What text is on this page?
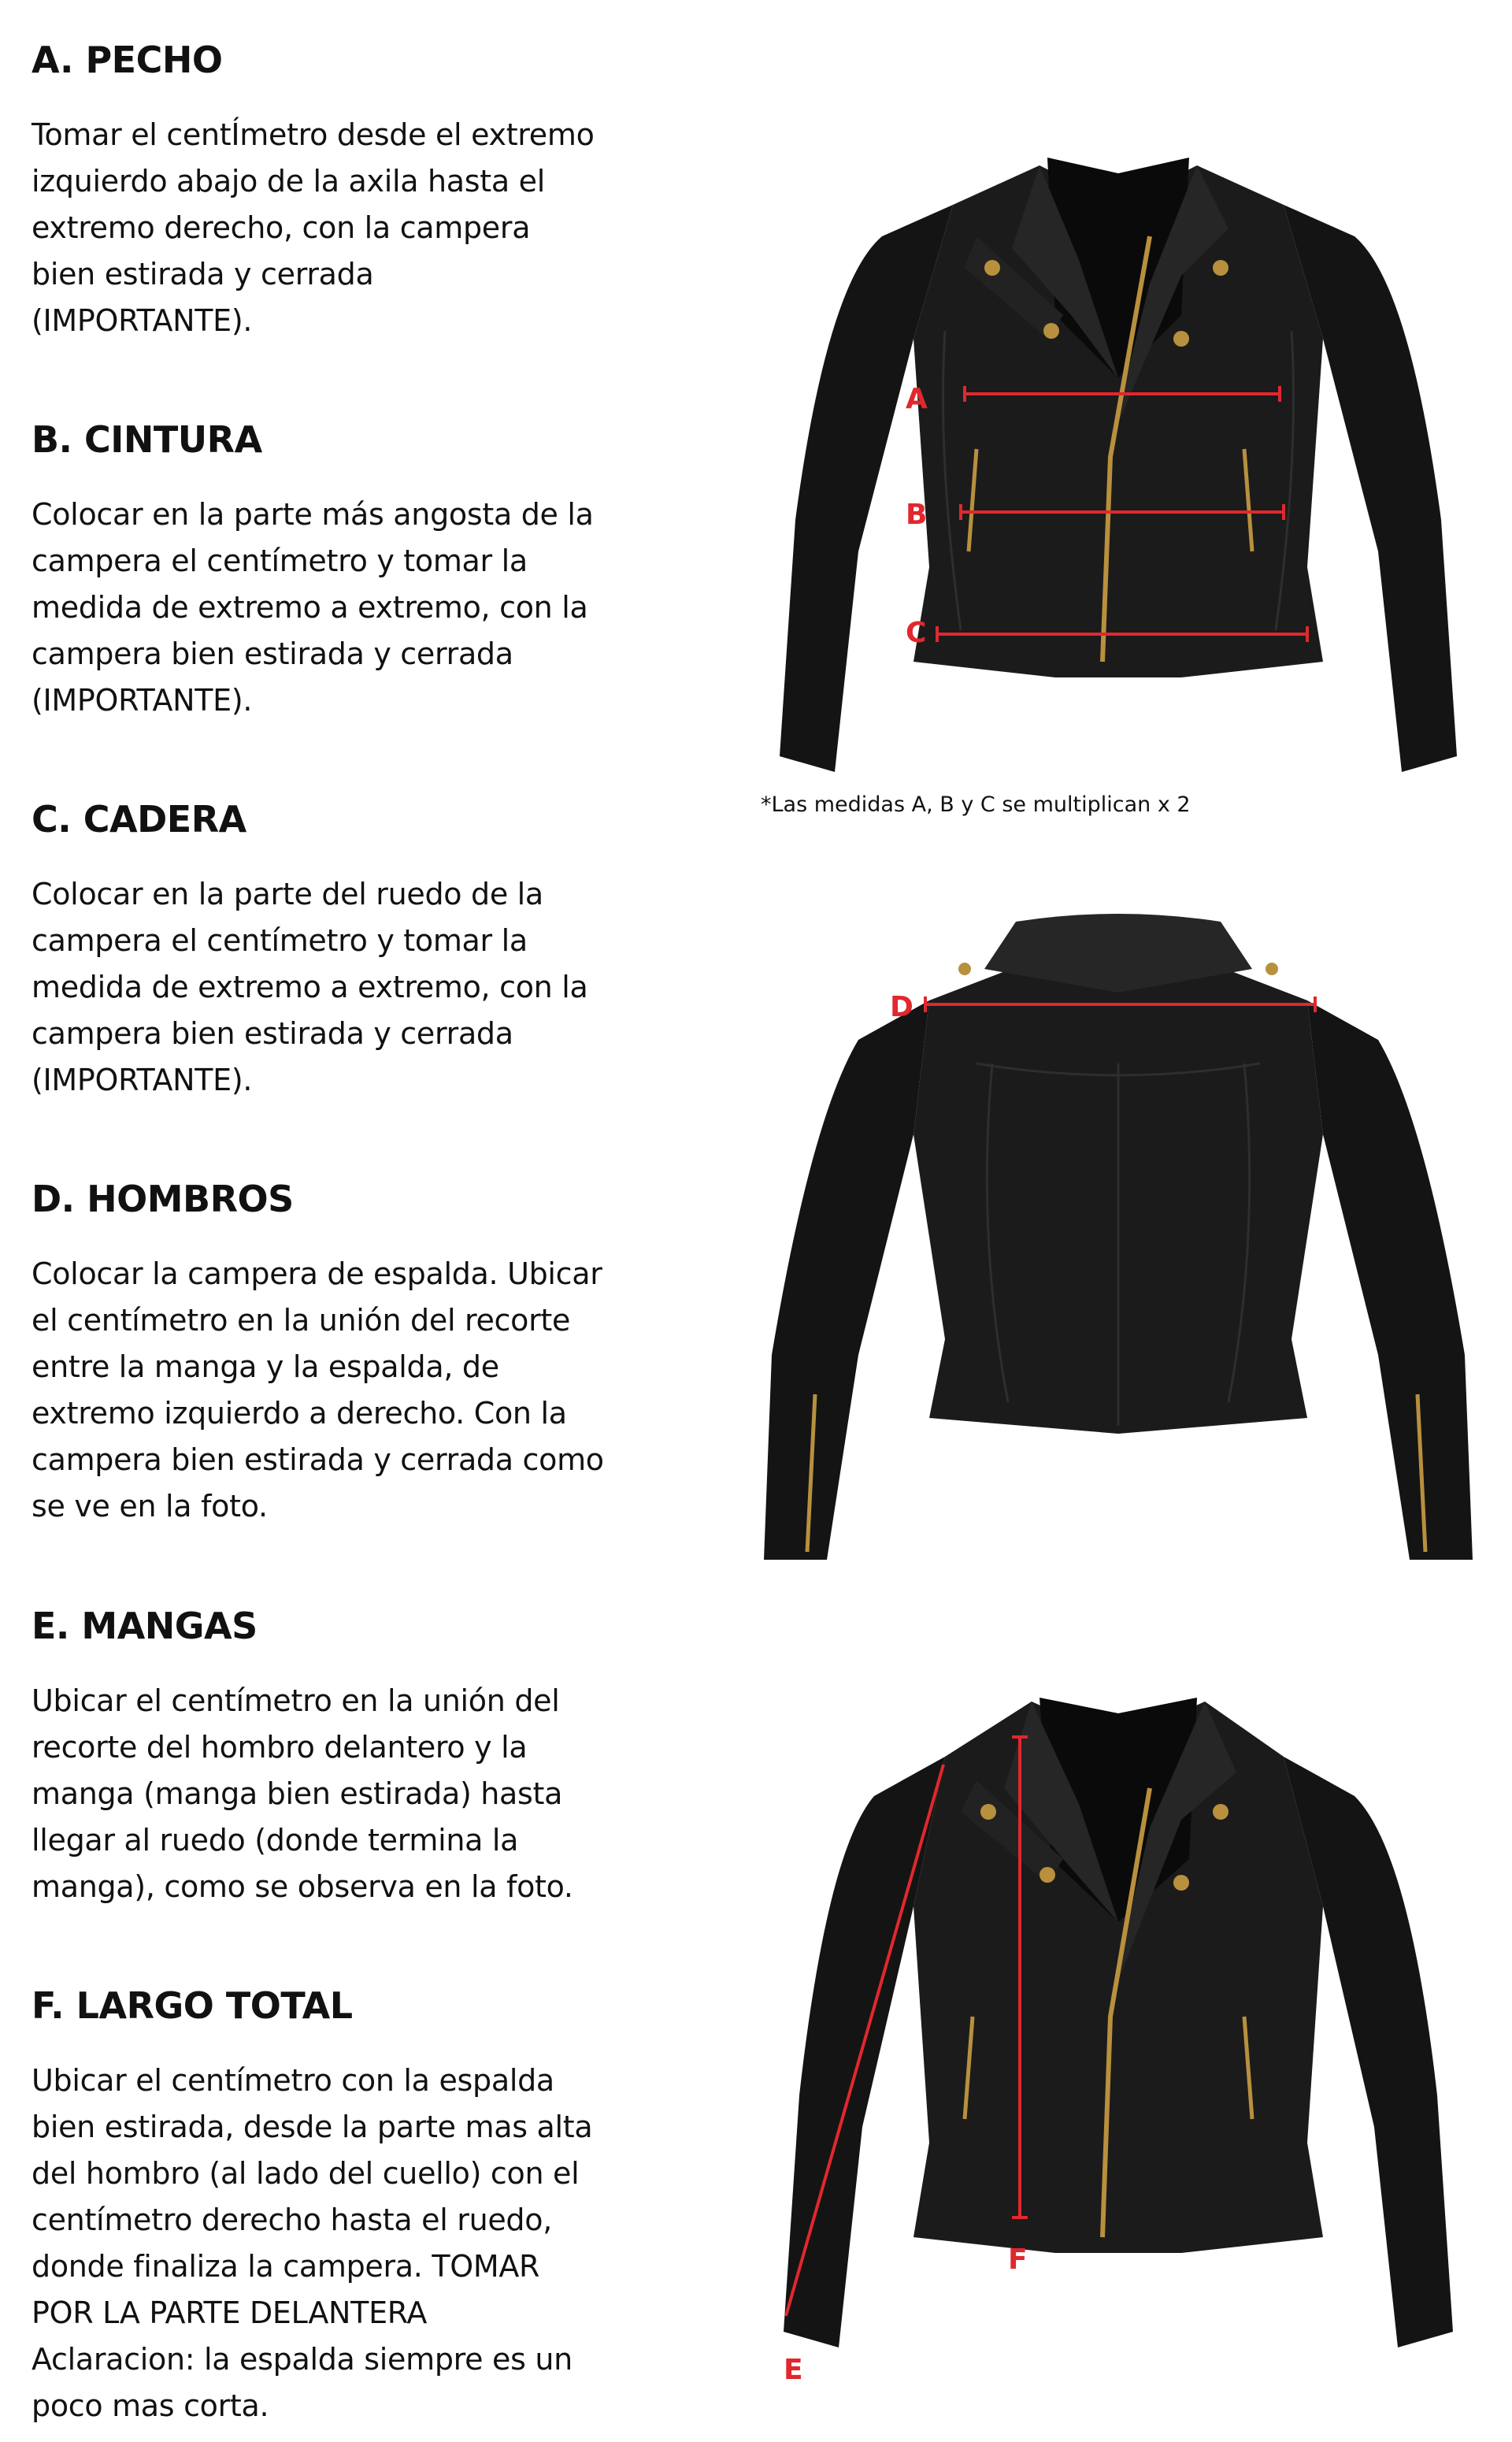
A. PECHO

Tomar el centÍmetro desde el extremo
izquierdo abajo de la axila hasta el
extremo derecho, con la campera
bien estirada y cerrada
(IMPORTANTE).

B. CINTURA

Colocar en la parte más angosta de la
campera el centímetro y tomar la
medida de extremo a extremo, con la
campera bien estirada y cerrada
(IMPORTANTE).

C. CADERA

Colocar en la parte del ruedo de la
campera el centímetro y tomar la
medida de extremo a extremo, con la
campera bien estirada y cerrada
(IMPORTANTE).

D. HOMBROS

Colocar la campera de espalda. Ubicar
el centímetro en la unión del recorte
entre la manga y la espalda, de
extremo izquierdo a derecho. Con la
campera bien estirada y cerrada como
se ve en la foto.

E. MANGAS

Ubicar el centímetro en la unión del
recorte del hombro delantero y la
manga (manga bien estirada) hasta
llegar al ruedo (donde termina la
manga), como se observa en la foto.

F. LARGO TOTAL

Ubicar el centímetro con la espalda
bien estirada, desde la parte mas alta
del hombro (al lado del cuello) con el
centímetro derecho hasta el ruedo,
donde finaliza la campera. TOMAR
POR LA PARTE DELANTERA
Aclaracion: la espalda siempre es un
poco mas corta.

A
B
C
*Las medidas A, B y C se multiplican x 2
D
E
F
